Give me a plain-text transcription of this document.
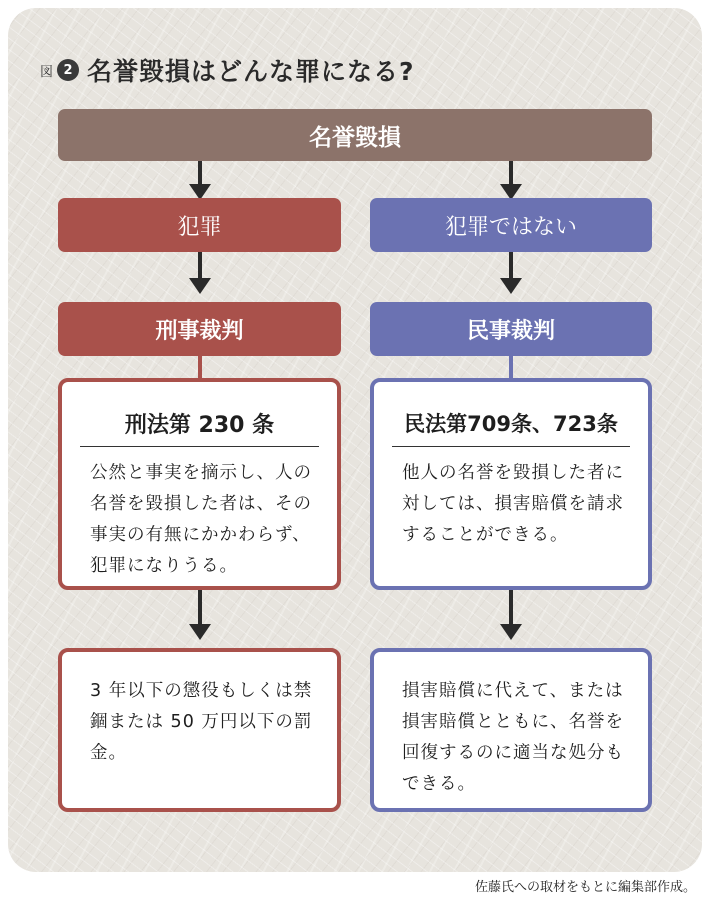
図 2 名誉毀損はどんな罪になる?
名誉毀損
犯罪	犯罪ではない
刑事裁判	民事裁判
刑法第 230 条
公然と事実を摘示し、人の
名誉を毀損した者は、その
事実の有無にかかわらず、
犯罪になりうる。
民法第709条、723条
他人の名誉を毀損した者に
対しては、損害賠償を請求
することができる。
3 年以下の懲役もしくは禁
錮または 50 万円以下の罰
金。
損害賠償に代えて、または
損害賠償とともに、名誉を
回復するのに適当な処分も
できる。
佐藤氏への取材をもとに編集部作成。
